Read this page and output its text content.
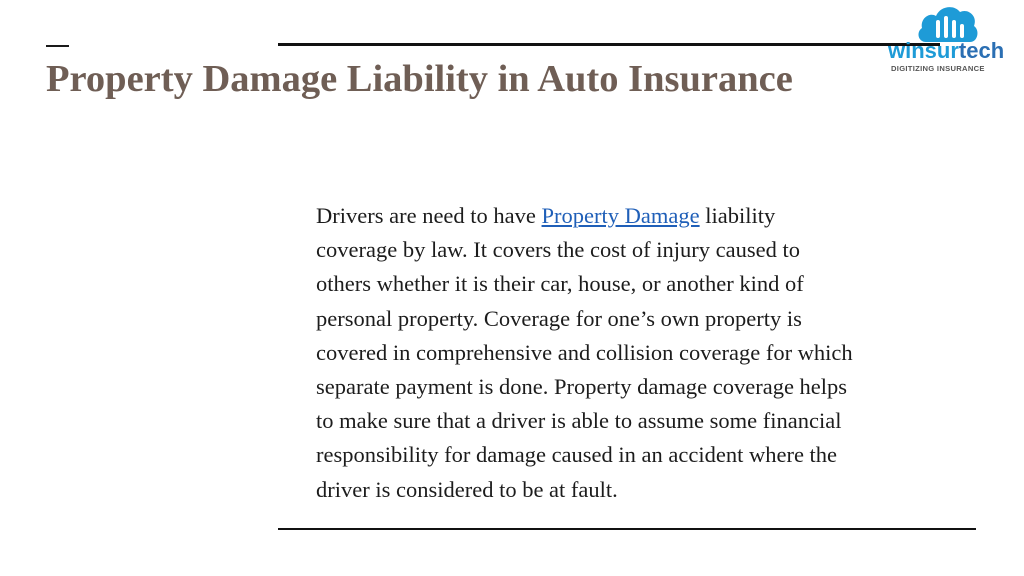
Property Damage Liability in Auto Insurance
winsurtech
DIGITIZING INSURANCE
Drivers are need to have Property Damage liability
coverage by law. It covers the cost of injury caused to
others whether it is their car, house, or another kind of
personal property. Coverage for one’s own property is
covered in comprehensive and collision coverage for which
separate payment is done. Property damage coverage helps
to make sure that a driver is able to assume some financial
responsibility for damage caused in an accident where the
driver is considered to be at fault.
